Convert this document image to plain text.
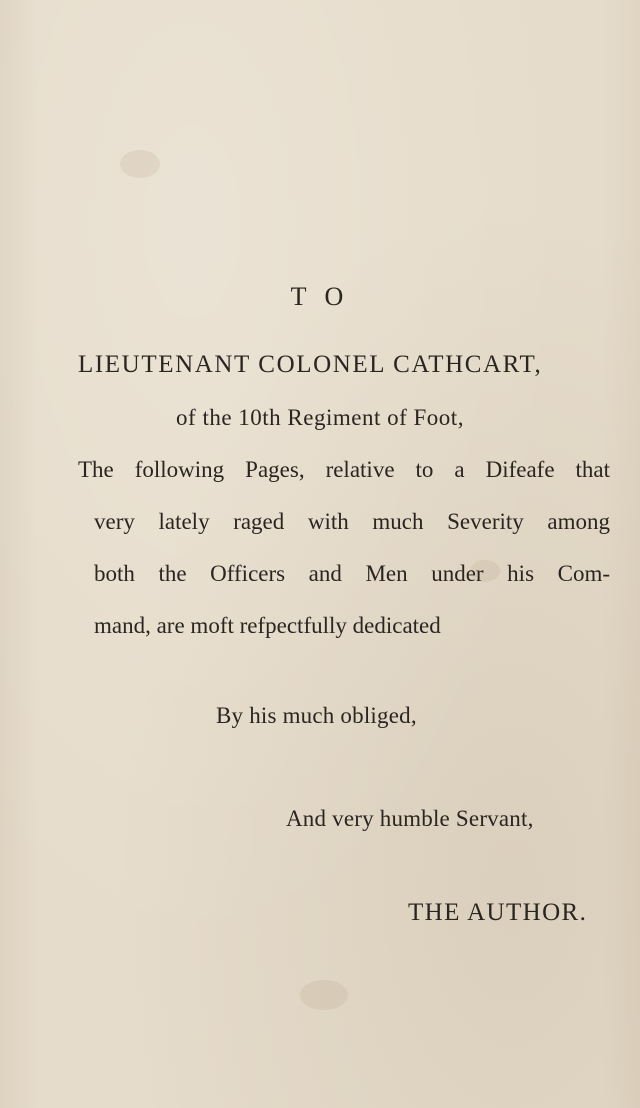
T O
LIEUTENANT COLONEL CATHCART,
of the 10th Regiment of Foot,
The following Pages, relative to a Difeafe that
very lately raged with much Severity among
both the Officers and Men under his Com-
mand, are moft refpectfully dedicated
By his much obliged,
And very humble Servant,
THE AUTHOR.
